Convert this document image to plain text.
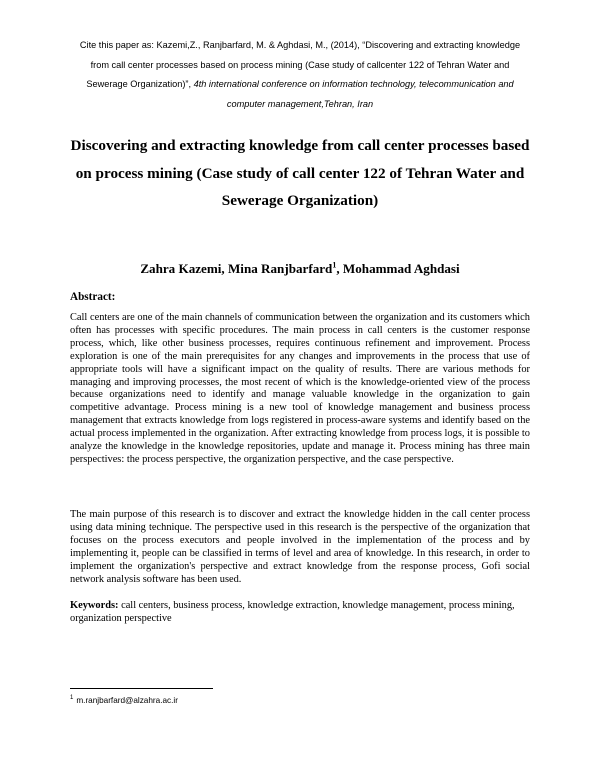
Cite this paper as: Kazemi,Z., Ranjbarfard, M. & Aghdasi, M., (2014), “Discovering and extracting knowledge from call center processes based on process mining (Case study of callcenter 122 of Tehran Water and Sewerage Organization)”, 4th international conference on information technology, telecommunication and computer management,Tehran, Iran
Discovering and extracting knowledge from call center processes based on process mining (Case study of call center 122 of Tehran Water and Sewerage Organization)
Zahra Kazemi, Mina Ranjbarfard$^1$, Mohammad Aghdasi
Abstract:

Call centers are one of the main channels of communication between the organization and its customers which often has processes with specific procedures. The main process in call centers is the customer response process, which, like other business processes, requires continuous refinement and improvement. Process exploration is one of the main prerequisites for any changes and improvements in the process that use of appropriate tools will have a significant impact on the quality of results. There are various methods for managing and improving processes, the most recent of which is the knowledge-oriented view of the process because organizations need to identify and manage valuable knowledge in the organization to gain competitive advantage. Process mining is a new tool of knowledge management and business process management that extracts knowledge from logs registered in process-aware systems and identify based on the actual process implemented in the organization. After extracting knowledge from process logs, it is possible to analyze the knowledge in the knowledge repositories, update and manage it. Process mining has three main perspectives: the process perspective, the organization perspective, and the case perspective.

The main purpose of this research is to discover and extract the knowledge hidden in the call center process using data mining technique. The perspective used in this research is the perspective of the organization that focuses on the process executors and people involved in the implementation of the process and by implementing it, people can be classified in terms of level and area of knowledge. In this research, in order to implement the organization's perspective and extract knowledge from the response process, Gofi social network analysis software has been used.

Keywords: call centers, business process, knowledge extraction, knowledge management, process mining, organization perspective
$^1$ m.ranjbarfard@alzahra.ac.ir
